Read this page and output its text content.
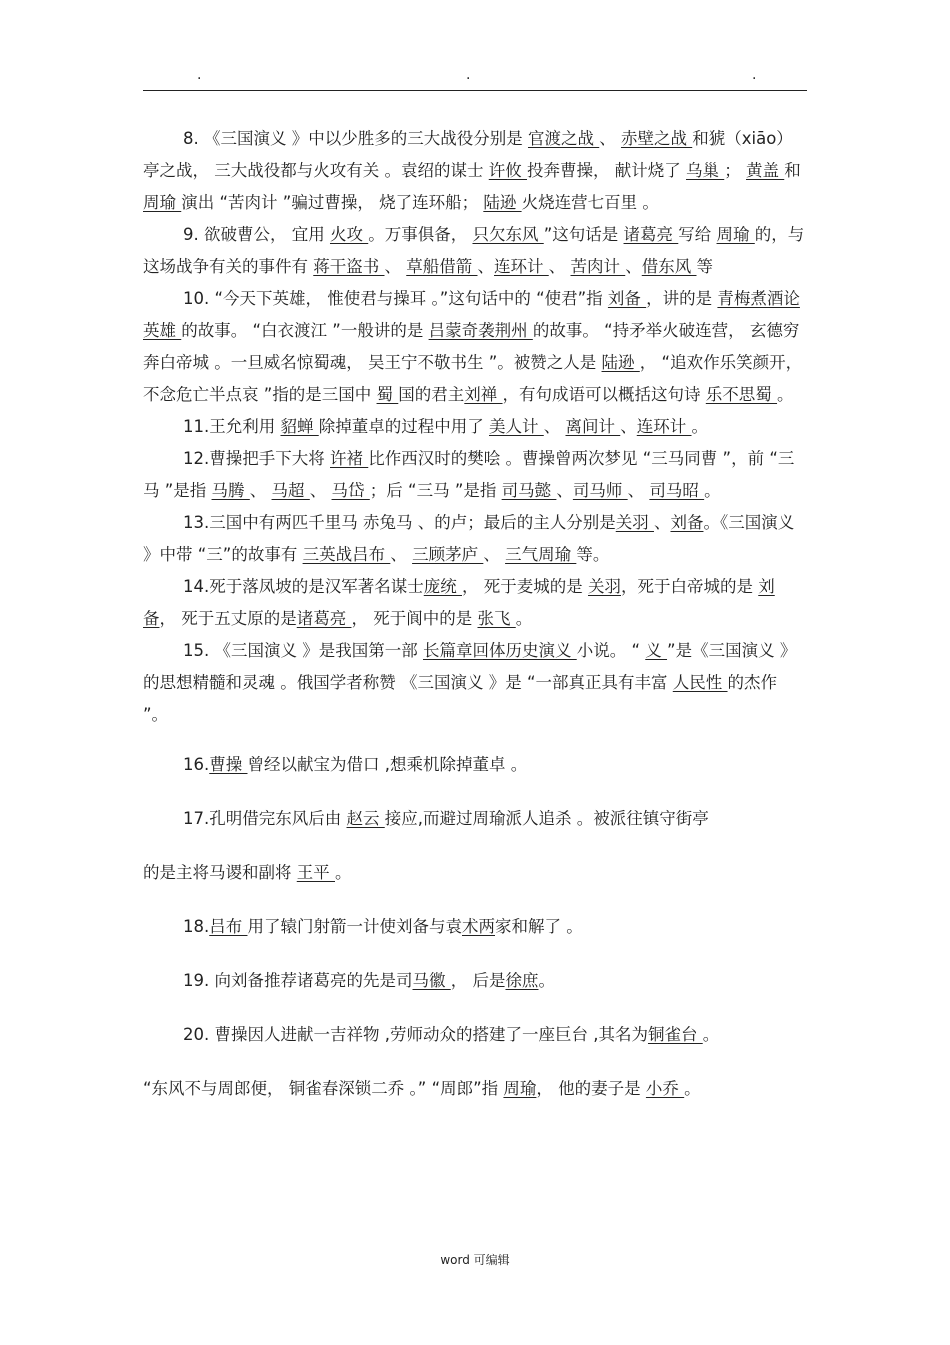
.	.	.

8. 《三国演义 》中以少胜多的三大战役分别是 官渡之战 、 赤壁之战 和猇（xiāo）亭之战， 三大战役都与火攻有关 。袁绍的谋士 许攸 投奔曹操， 献计烧了 乌巢 ； 黄盖 和 周瑜 演出 “苦肉计 ”骗过曹操， 烧了连环船； 陆逊 火烧连营七百里 。

9. 欲破曹公， 宜用 火攻 。万事俱备， 只欠东风 ”这句话是 诸葛亮 写给 周瑜 的，与这场战争有关的事件有 蒋干盗书 、 草船借箭 、连环计 、 苦肉计 、借东风 等

10. “今天下英雄， 惟使君与操耳 。”这句话中的 “使君”指 刘备 ，讲的是 青梅煮酒论英雄 的故事。 “白衣渡江 ”一般讲的是 吕蒙奇袭荆州 的故事。 “持矛举火破连营， 玄德穷奔白帝城 。一旦威名惊蜀魂， 吴王宁不敬书生 ”。被赞之人是 陆逊 ， “追欢作乐笑颜开， 不念危亡半点哀 ”指的是三国中 蜀 国的君主刘禅 ，有句成语可以概括这句诗 乐不思蜀 。

11.王允利用 貂蝉 除掉董卓的过程中用了 美人计 、 离间计 、连环计 。

12.曹操把手下大将 许褚 比作西汉时的樊哙 。曹操曾两次梦见 “三马同曹 ”，前 “三马 ”是指 马腾 、 马超 、 马岱 ；后 “三马 ”是指 司马懿 、司马师 、 司马昭 。

13.三国中有两匹千里马 赤兔马 、的卢；最后的主人分别是关羽 、刘备。《三国演义 》中带 “三”的故事有 三英战吕布 、 三顾茅庐 、 三气周瑜 等。

14.死于落凤坡的是汉军著名谋士庞统 ， 死于麦城的是 关羽，死于白帝城的是 刘备， 死于五丈原的是诸葛亮 ， 死于阆中的是 张飞 。

15. 《三国演义 》是我国第一部 长篇章回体历史演义 小说。 “ 义 ”是《三国演义 》的思想精髓和灵魂 。俄国学者称赞 《三国演义 》是 “一部真正具有丰富 人民性 的杰作 ”。

16.曹操 曾经以献宝为借口 ,想乘机除掉董卓 。

17.孔明借完东风后由 赵云 接应,而避过周瑜派人追杀 。被派往镇守街亭

的是主将马谡和副将 王平 。

18.吕布 用了辕门射箭一计使刘备与袁术两家和解了 。

19. 向刘备推荐诸葛亮的先是司马徽 ， 后是徐庶。

20. 曹操因人进献一吉祥物 ,劳师动众的搭建了一座巨台 ,其名为铜雀台 。

“东风不与周郎便， 铜雀春深锁二乔 。” “周郎”指 周瑜， 他的妻子是 小乔 。

word 可编辑
